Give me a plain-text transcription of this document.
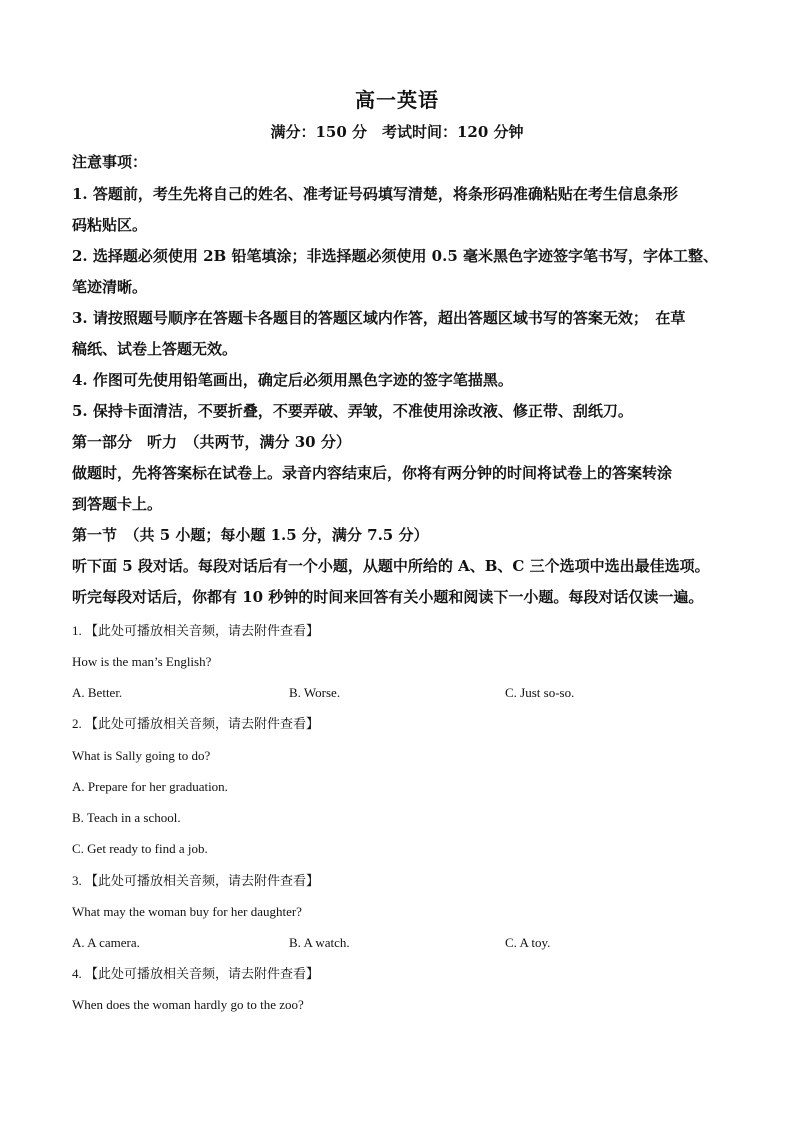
高一英语
满分：150 分　考试时间：120 分钟
注意事项：
1. 答题前，考生先将自己的姓名、准考证号码填写清楚，将条形码准确粘贴在考生信息条形
码粘贴区。
2. 选择题必须使用 2B 铅笔填涂；非选择题必须使用 0.5 毫米黑色字迹签字笔书写，字体工整、
笔迹清晰。
3. 请按照题号顺序在答题卡各题目的答题区域内作答，超出答题区域书写的答案无效；　在草
稿纸、试卷上答题无效。
4. 作图可先使用铅笔画出，确定后必须用黑色字迹的签字笔描黑。
5. 保持卡面清洁，不要折叠，不要弄破、弄皱，不准使用涂改液、修正带、刮纸刀。
第一部分　听力　（共两节，满分 30 分）
做题时，先将答案标在试卷上。录音内容结束后，你将有两分钟的时间将试卷上的答案转涂
到答题卡上。
第一节　（共 5 小题；每小题 1.5 分，满分 7.5 分）
听下面 5 段对话。每段对话后有一个小题，从题中所给的 A、B、C 三个选项中选出最佳选项。
听完每段对话后，你都有 10 秒钟的时间来回答有关小题和阅读下一小题。每段对话仅读一遍。
1. 【此处可播放相关音频，请去附件查看】
How is the man’s English?
A. Better.	B. Worse.	C. Just so-so.
2. 【此处可播放相关音频，请去附件查看】
What is Sally going to do?
A. Prepare for her graduation.
B. Teach in a school.
C. Get ready to find a job.
3. 【此处可播放相关音频，请去附件查看】
What may the woman buy for her daughter?
A. A camera.	B. A watch.	C. A toy.
4. 【此处可播放相关音频，请去附件查看】
When does the woman hardly go to the zoo?
